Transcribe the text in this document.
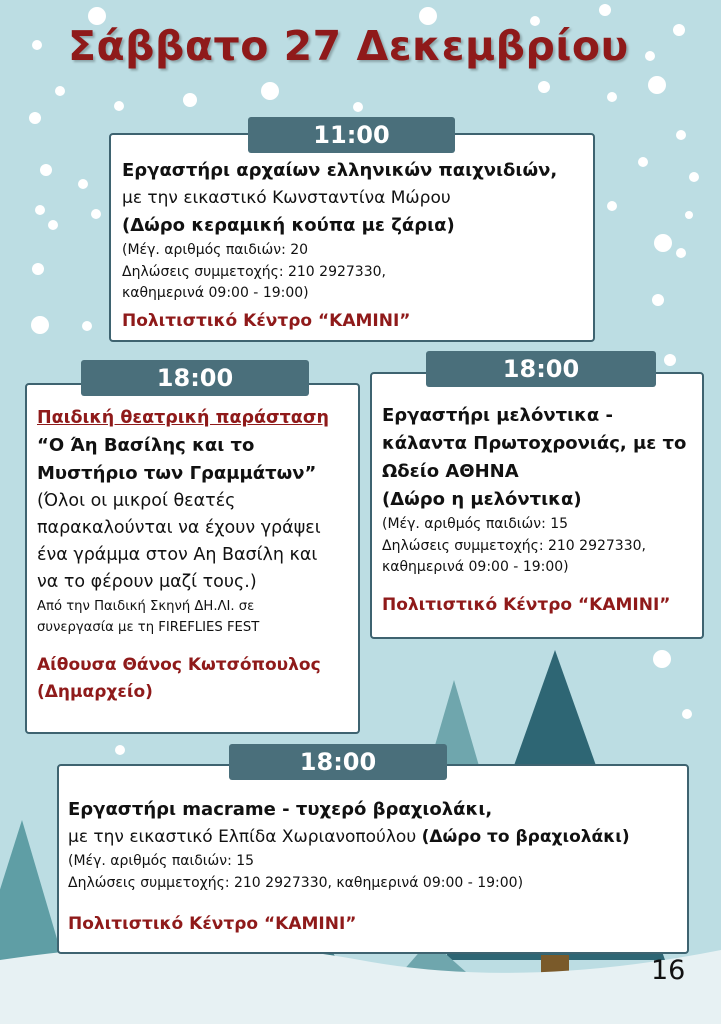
Σάββατο 27 Δεκεμβρίου
Εργαστήρι αρχαίων ελληνικών παιχνιδιών,
με την εικαστικό Κωνσταντίνα Μώρου
(Δώρο κεραμική κούπα με ζάρια)
(Μέγ. αριθμός παιδιών: 20
Δηλώσεις συμμετοχής: 210 2927330,
καθημερινά 09:00 - 19:00)
Πολιτιστικό Κέντρο “ΚΑΜΙΝΙ”
11:00
Παιδική θεατρική παράσταση
“Ο Άη Βασίλης και το
Μυστήριο των Γραμμάτων”
(Όλοι οι μικροί θεατές
παρακαλούνται να έχουν γράψει
ένα γράμμα στον Αη Βασίλη και
να το φέρουν μαζί τους.)
Από την Παιδική Σκηνή ΔΗ.ΛΙ. σε
συνεργασία με τη FIREFLIES FEST
Αίθουσα Θάνος Κωτσόπουλος
(Δημαρχείο)
18:00
Εργαστήρι μελόντικα -
κάλαντα Πρωτοχρονιάς, με το
Ωδείο ΑΘΗΝΑ
(Δώρο η μελόντικα)
(Μέγ. αριθμός παιδιών: 15
Δηλώσεις συμμετοχής: 210 2927330,
καθημερινά 09:00 - 19:00)
Πολιτιστικό Κέντρο “ΚΑΜΙΝΙ”
18:00
Εργαστήρι macrame - τυχερό βραχιολάκι,
με την εικαστικό Ελπίδα Χωριανοπούλου (Δώρο το βραχιολάκι)
(Μέγ. αριθμός παιδιών: 15
Δηλώσεις συμμετοχής: 210 2927330, καθημερινά 09:00 - 19:00)
Πολιτιστικό Κέντρο “ΚΑΜΙΝΙ”
18:00
16
